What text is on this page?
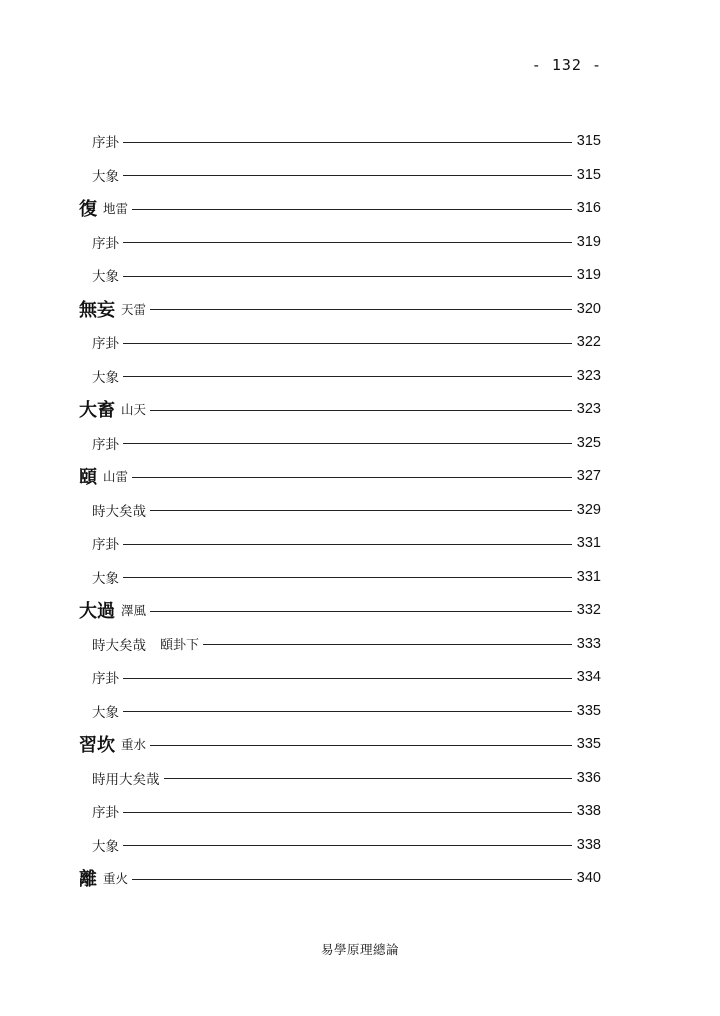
- 132 -
序卦	315
大象	315
復 地雷	316
序卦	319
大象	319
無妄 天雷	320
序卦	322
大象	323
大畜 山天	323
序卦	325
頤 山雷	327
時大矣哉	329
序卦	331
大象	331
大過 澤風	332
時大矣哉 頤卦下	333
序卦	334
大象	335
習坎 重水	335
時用大矣哉	336
序卦	338
大象	338
離 重火	340
易學原理總論
